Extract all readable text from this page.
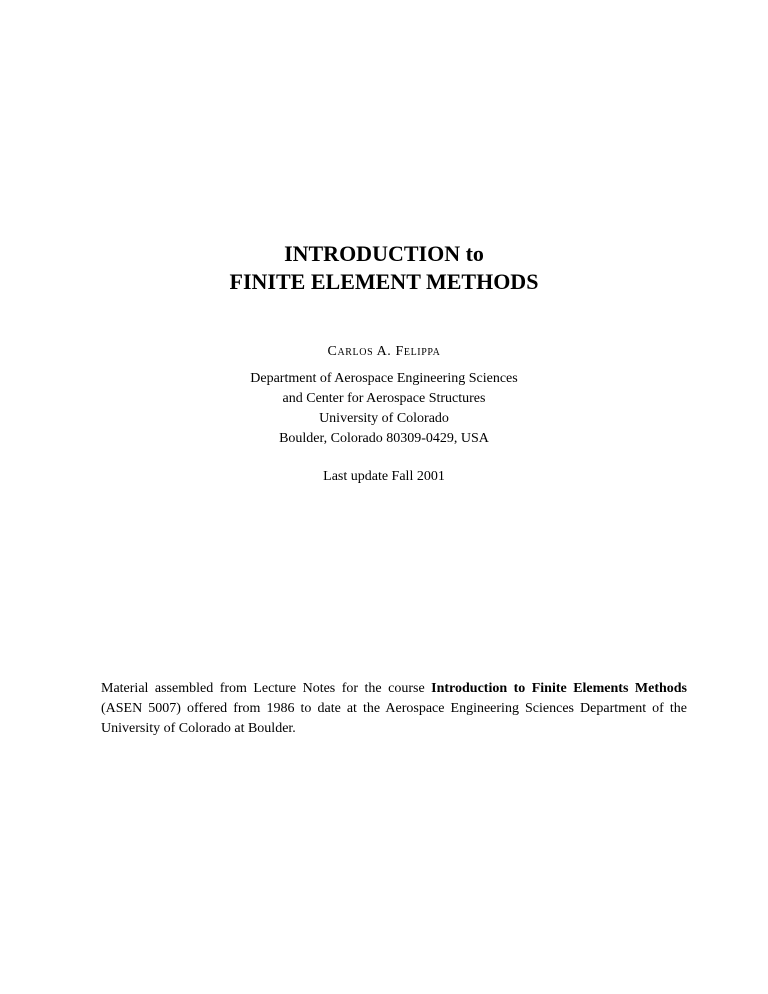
INTRODUCTION to
FINITE ELEMENT METHODS
Carlos A. Felippa
Department of Aerospace Engineering Sciences
and Center for Aerospace Structures
University of Colorado
Boulder, Colorado 80309-0429, USA
Last update Fall 2001
Material assembled from Lecture Notes for the course Introduction to Finite Elements Methods (ASEN 5007) offered from 1986 to date at the Aerospace Engineering Sciences Department of the University of Colorado at Boulder.
